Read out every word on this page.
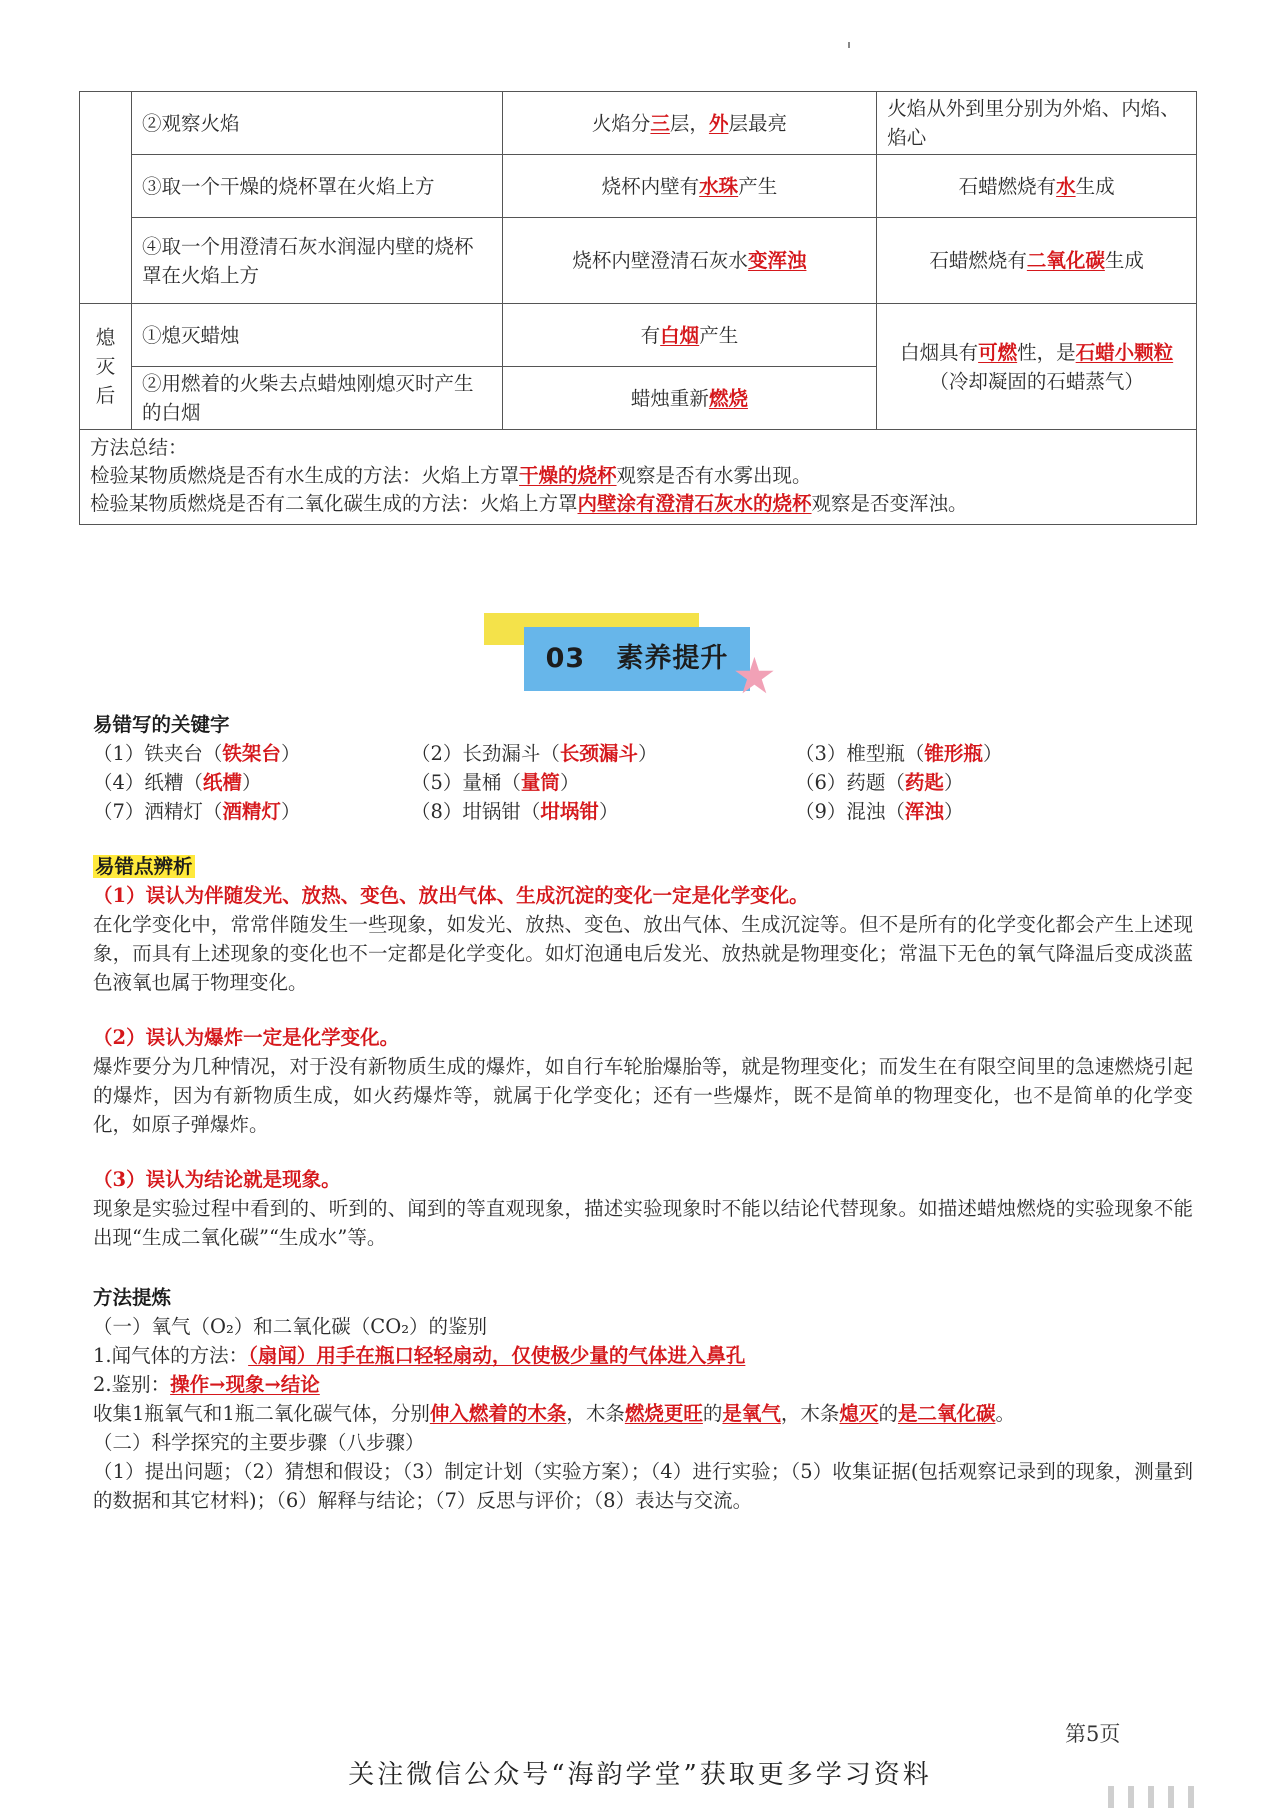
	②观察火焰	火焰分三层，外层最亮	火焰从外到里分别为外焰、内焰、焰心
	③取一个干燥的烧杯罩在火焰上方	烧杯内壁有水珠产生	石蜡燃烧有水生成
	④取一个用澄清石灰水润湿内壁的烧杯罩在火焰上方	烧杯内壁澄清石灰水变浑浊	石蜡燃烧有二氧化碳生成
熄灭后	①熄灭蜡烛	有白烟产生	白烟具有可燃性，是石蜡小颗粒
（冷却凝固的石蜡蒸气）

	②用燃着的火柴去点蜡烛刚熄灭时产生的白烟	蜡烛重新燃烧	

方法总结：
检验某物质燃烧是否有水生成的方法：火焰上方罩干燥的烧杯观察是否有水雾出现。
检验某物质燃烧是否有二氧化碳生成的方法：火焰上方罩内壁涂有澄清石灰水的烧杯观察是否变浑浊。			
03 素养提升 ★
易错写的关键字
（1）铁夹台（铁架台）	（2）长劲漏斗（长颈漏斗）	（3）椎型瓶（锥形瓶）
（4）纸糟（纸槽）	（5）量桶（量筒）	（6）药题（药匙）
（7）洒精灯（酒精灯）	（8）坩锅钳（坩埚钳）	（9）混浊（浑浊）
易错点辨析
（1）误认为伴随发光、放热、变色、放出气体、生成沉淀的变化一定是化学变化。
在化学变化中，常常伴随发生一些现象，如发光、放热、变色、放出气体、生成沉淀等。但不是所有的化学变化都会产生上述现象，而具有上述现象的变化也不一定都是化学变化。如灯泡通电后发光、放热就是物理变化；常温下无色的氧气降温后变成淡蓝色液氧也属于物理变化。
（2）误认为爆炸一定是化学变化。
爆炸要分为几种情况，对于没有新物质生成的爆炸，如自行车轮胎爆胎等，就是物理变化；而发生在有限空间里的急速燃烧引起的爆炸，因为有新物质生成，如火药爆炸等，就属于化学变化；还有一些爆炸，既不是简单的物理变化，也不是简单的化学变化，如原子弹爆炸。
（3）误认为结论就是现象。
现象是实验过程中看到的、听到的、闻到的等直观现象，描述实验现象时不能以结论代替现象。如描述蜡烛燃烧的实验现象不能出现“生成二氧化碳”“生成水”等。
方法提炼
（一）氧气（O₂）和二氧化碳（CO₂）的鉴别
1.闻气体的方法：（扇闻）用手在瓶口轻轻扇动，仅使极少量的气体进入鼻孔
2.鉴别：操作→现象→结论
收集1瓶氧气和1瓶二氧化碳气体，分别伸入燃着的木条，木条燃烧更旺的是氧气，木条熄灭的是二氧化碳。
（二）科学探究的主要步骤（八步骤）
（1）提出问题；（2）猜想和假设；（3）制定计划（实验方案）；（4）进行实验；（5）收集证据(包括观察记录到的现象，测量到的数据和其它材料)；（6）解释与结论；（7）反思与评价；（8）表达与交流。
第5页
关注微信公众号“海韵学堂”获取更多学习资料
